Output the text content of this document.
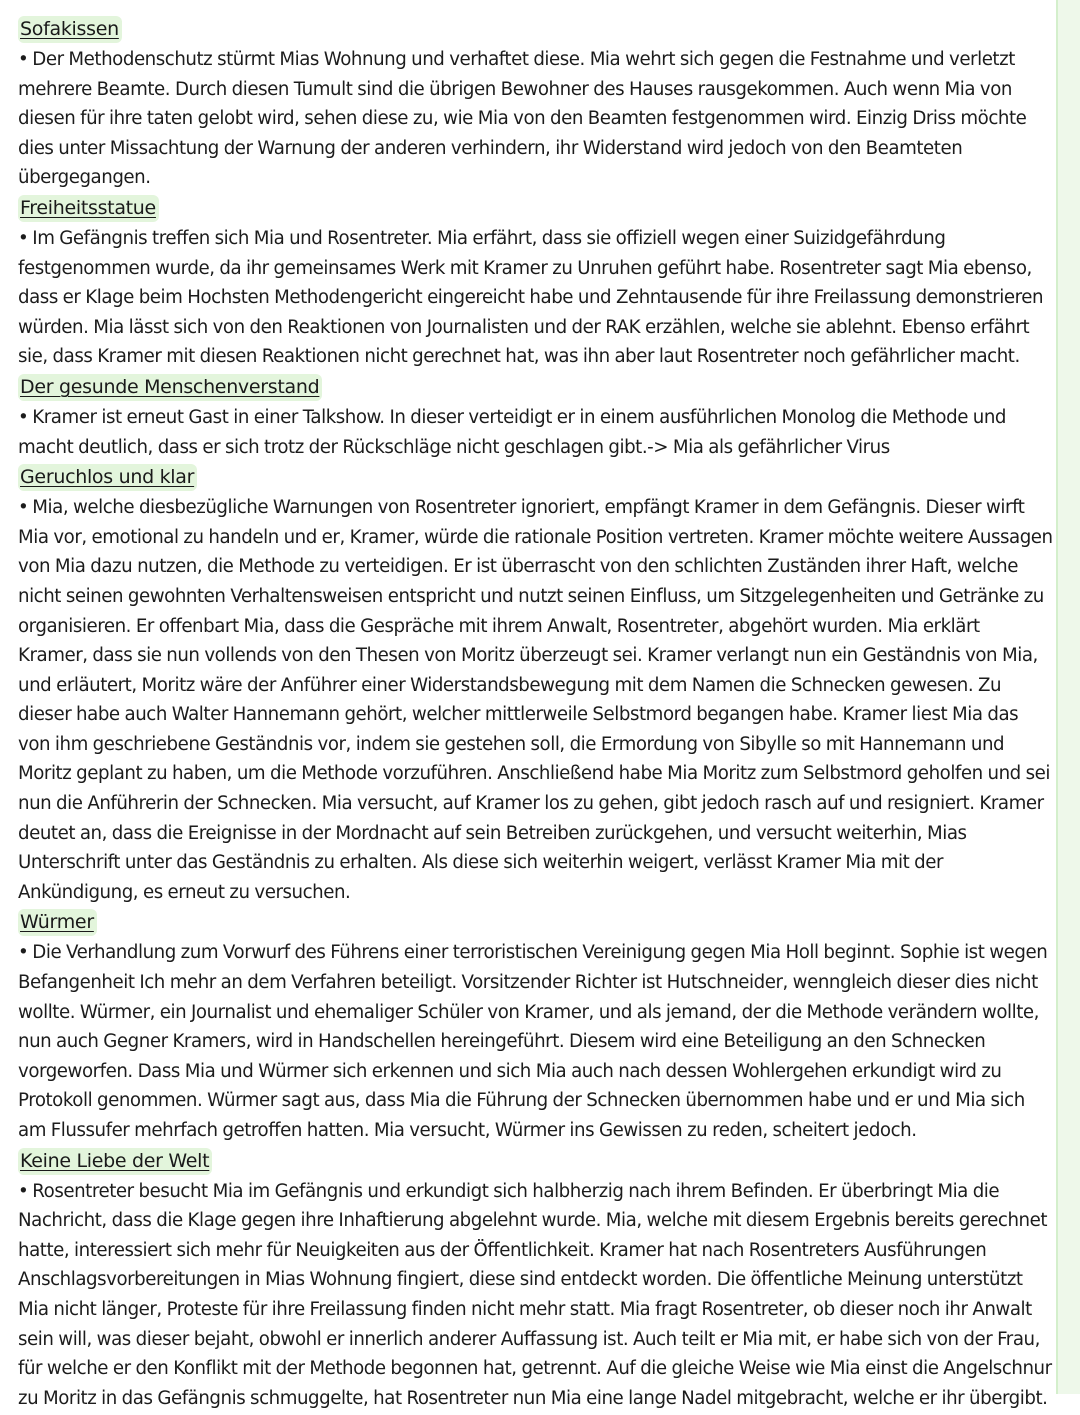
Sofakissen

• Der Methodenschutz stürmt Mias Wohnung und verhaftet diese. Mia wehrt sich gegen die Festnahme und verletzt mehrere Beamte. Durch diesen Tumult sind die übrigen Bewohner des Hauses rausgekommen. Auch wenn Mia von diesen für ihre taten gelobt wird, sehen diese zu, wie Mia von den Beamten festgenommen wird. Einzig Driss möchte dies unter Missachtung der Warnung der anderen verhindern, ihr Widerstand wird jedoch von den Beamteten übergegangen.

Freiheitsstatue

• Im Gefängnis treffen sich Mia und Rosentreter. Mia erfährt, dass sie offiziell wegen einer Suizidgefährdung festgenommen wurde, da ihr gemeinsames Werk mit Kramer zu Unruhen geführt habe. Rosentreter sagt Mia ebenso, dass er Klage beim Hochsten Methodengericht eingereicht habe und Zehntausende für ihre Freilassung demonstrieren würden. Mia lässt sich von den Reaktionen von Journalisten und der RAK erzählen, welche sie ablehnt. Ebenso erfährt sie, dass Kramer mit diesen Reaktionen nicht gerechnet hat, was ihn aber laut Rosentreter noch gefährlicher macht.

Der gesunde Menschenverstand

• Kramer ist erneut Gast in einer Talkshow. In dieser verteidigt er in einem ausführlichen Monolog die Methode und macht deutlich, dass er sich trotz der Rückschläge nicht geschlagen gibt.-> Mia als gefährlicher Virus

Geruchlos und klar

• Mia, welche diesbezügliche Warnungen von Rosentreter ignoriert, empfängt Kramer in dem Gefängnis. Dieser wirft Mia vor, emotional zu handeln und er, Kramer, würde die rationale Position vertreten. Kramer möchte weitere Aussagen von Mia dazu nutzen, die Methode zu verteidigen. Er ist überrascht von den schlichten Zuständen ihrer Haft, welche nicht seinen gewohnten Verhaltensweisen entspricht und nutzt seinen Einfluss, um Sitzgelegenheiten und Getränke zu organisieren. Er offenbart Mia, dass die Gespräche mit ihrem Anwalt, Rosentreter, abgehört wurden. Mia erklärt Kramer, dass sie nun vollends von den Thesen von Moritz überzeugt sei. Kramer verlangt nun ein Geständnis von Mia, und erläutert, Moritz wäre der Anführer einer Widerstandsbewegung mit dem Namen die Schnecken gewesen. Zu dieser habe auch Walter Hannemann gehört, welcher mittlerweile Selbstmord begangen habe. Kramer liest Mia das von ihm geschriebene Geständnis vor, indem sie gestehen soll, die Ermordung von Sibylle so mit Hannemann und Moritz geplant zu haben, um die Methode vorzuführen. Anschließend habe Mia Moritz zum Selbstmord geholfen und sei nun die Anführerin der Schnecken. Mia versucht, auf Kramer los zu gehen, gibt jedoch rasch auf und resigniert. Kramer deutet an, dass die Ereignisse in der Mordnacht auf sein Betreiben zurückgehen, und versucht weiterhin, Mias Unterschrift unter das Geständnis zu erhalten. Als diese sich weiterhin weigert, verlässt Kramer Mia mit der Ankündigung, es erneut zu versuchen.

Würmer

• Die Verhandlung zum Vorwurf des Führens einer terroristischen Vereinigung gegen Mia Holl beginnt. Sophie ist wegen Befangenheit Ich mehr an dem Verfahren beteiligt. Vorsitzender Richter ist Hutschneider, wenngleich dieser dies nicht wollte. Würmer, ein Journalist und ehemaliger Schüler von Kramer, und als jemand, der die Methode verändern wollte, nun auch Gegner Kramers, wird in Handschellen hereingeführt. Diesem wird eine Beteiligung an den Schnecken vorgeworfen. Dass Mia und Würmer sich erkennen und sich Mia auch nach dessen Wohlergehen erkundigt wird zu Protokoll genommen. Würmer sagt aus, dass Mia die Führung der Schnecken übernommen habe und er und Mia sich am Flussufer mehrfach getroffen hatten. Mia versucht, Würmer ins Gewissen zu reden, scheitert jedoch.

Keine Liebe der Welt

• Rosentreter besucht Mia im Gefängnis und erkundigt sich halbherzig nach ihrem Befinden. Er überbringt Mia die Nachricht, dass die Klage gegen ihre Inhaftierung abgelehnt wurde. Mia, welche mit diesem Ergebnis bereits gerechnet hatte, interessiert sich mehr für Neuigkeiten aus der Öffentlichkeit. Kramer hat nach Rosentreters Ausführungen Anschlagsvorbereitungen in Mias Wohnung fingiert, diese sind entdeckt worden. Die öffentliche Meinung unterstützt Mia nicht länger, Proteste für ihre Freilassung finden nicht mehr statt. Mia fragt Rosentreter, ob dieser noch ihr Anwalt sein will, was dieser bejaht, obwohl er innerlich anderer Auffassung ist. Auch teilt er Mia mit, er habe sich von der Frau, für welche er den Konflikt mit der Methode begonnen hat, getrennt. Auf die gleiche Weise wie Mia einst die Angelschnur zu Moritz in das Gefängnis schmuggelte, hat Rosentreter nun Mia eine lange Nadel mitgebracht, welche er ihr übergibt.
